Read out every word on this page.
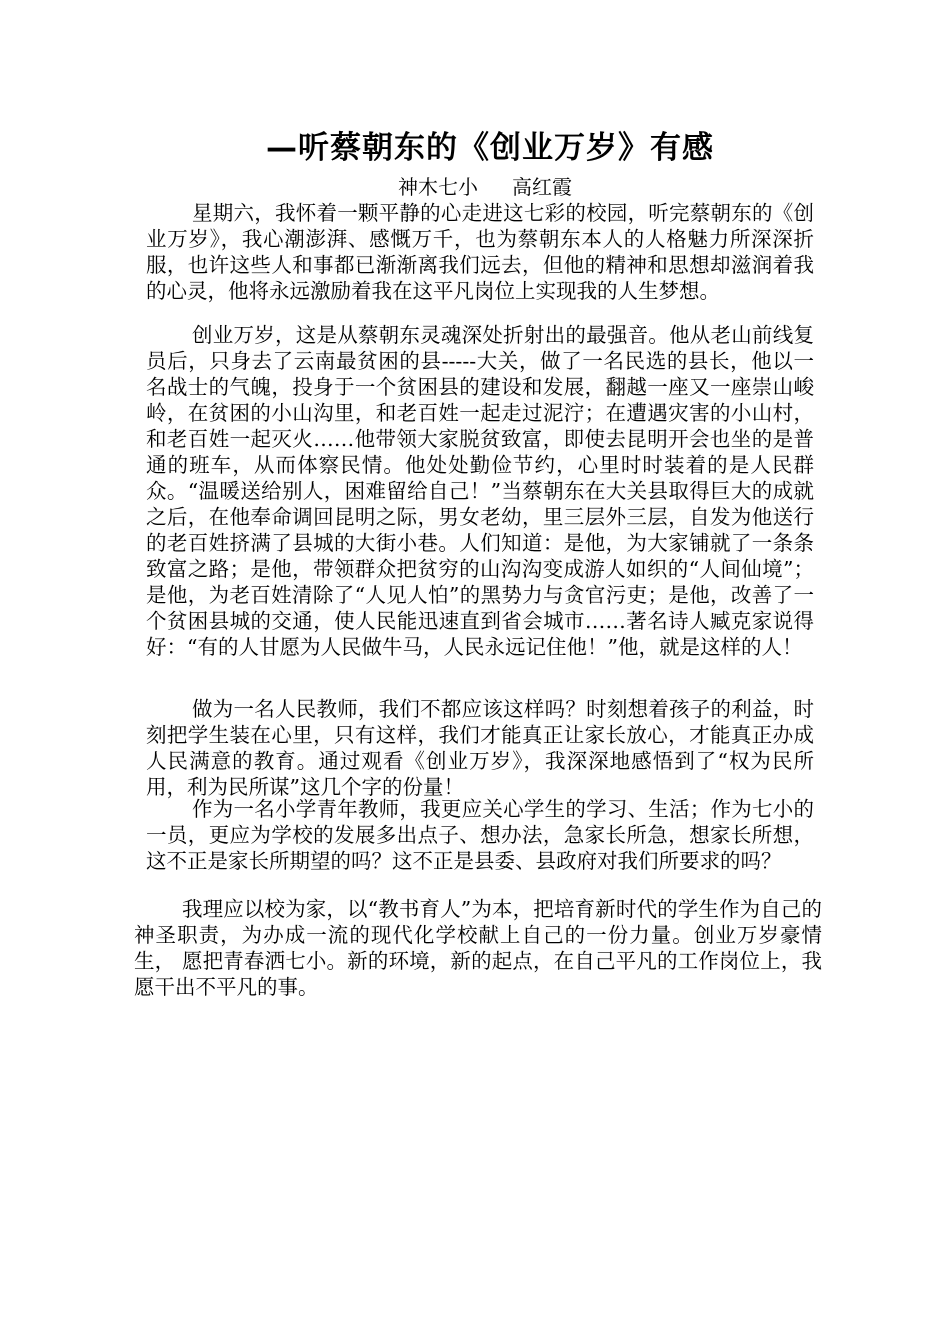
—听蔡朝东的《创业万岁》有感
神木七小 高红霞
星期六，我怀着一颗平静的心走进这七彩的校园，听完蔡朝东的《创业万岁》，我心潮澎湃、感慨万千，也为蔡朝东本人的人格魅力所深深折服，也许这些人和事都已渐渐离我们远去，但他的精神和思想却滋润着我的心灵，他将永远激励着我在这平凡岗位上实现我的人生梦想。
创业万岁，这是从蔡朝东灵魂深处折射出的最强音。他从老山前线复员后，只身去了云南最贫困的县-----大关，做了一名民选的县长，他以一名战士的气魄，投身于一个贫困县的建设和发展，翻越一座又一座崇山峻岭，在贫困的小山沟里，和老百姓一起走过泥泞；在遭遇灾害的小山村，和老百姓一起灭火……他带领大家脱贫致富，即使去昆明开会也坐的是普通的班车，从而体察民情。他处处勤俭节约，心里时时装着的是人民群众。“温暖送给别人，困难留给自己！”当蔡朝东在大关县取得巨大的成就之后，在他奉命调回昆明之际，男女老幼，里三层外三层，自发为他送行的老百姓挤满了县城的大街小巷。人们知道：是他，为大家铺就了一条条致富之路；是他，带领群众把贫穷的山沟沟变成游人如织的“人间仙境”；是他，为老百姓清除了“人见人怕”的黑势力与贪官污吏；是他，改善了一个贫困县城的交通，使人民能迅速直到省会城市……著名诗人臧克家说得好：“有的人甘愿为人民做牛马，人民永远记住他！”他，就是这样的人！
做为一名人民教师，我们不都应该这样吗？时刻想着孩子的利益，时刻把学生装在心里，只有这样，我们才能真正让家长放心，才能真正办成人民满意的教育。通过观看《创业万岁》，我深深地感悟到了“权为民所用，利为民所谋”这几个字的份量！
作为一名小学青年教师，我更应关心学生的学习、生活；作为七小的一员，更应为学校的发展多出点子、想办法，急家长所急，想家长所想，这不正是家长所期望的吗？这不正是县委、县政府对我们所要求的吗？
我理应以校为家，以“教书育人”为本，把培育新时代的学生作为自己的神圣职责，为办成一流的现代化学校献上自己的一份力量。创业万岁豪情生， 愿把青春洒七小。新的环境，新的起点，在自己平凡的工作岗位上，我愿干出不平凡的事。
